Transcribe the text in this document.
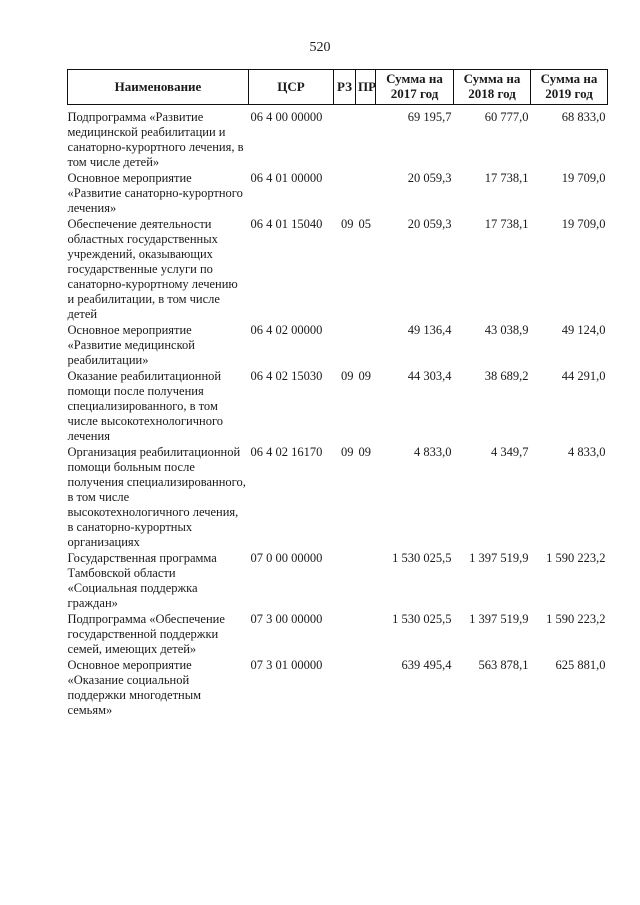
520
Наименование	ЦСР	РЗ	ПР	Сумма на 2017 год	Сумма на 2018 год	Сумма на 2019 год

Подпрограмма «Развитие медицинской реабилитации и санаторно-курортного лечения, в том числе детей»	06 4 00 00000			69 195,7	60 777,0	68 833,0
Основное мероприятие «Развитие санаторно-курортного лечения»	06 4 01 00000			20 059,3	17 738,1	19 709,0
Обеспечение деятельности областных государственных учреждений, оказывающих государственные услуги по санаторно-курортному лечению и реабилитации, в том числе детей	06 4 01 15040	09	05	20 059,3	17 738,1	19 709,0
Основное мероприятие «Развитие медицинской реабилитации»	06 4 02 00000			49 136,4	43 038,9	49 124,0
Оказание реабилитационной помощи после получения специализированного, в том числе высокотехнологичного лечения	06 4 02 15030	09	09	44 303,4	38 689,2	44 291,0
Организация реабилитационной помощи больным после получения специализированного, в том числе высокотехнологичного лечения, в санаторно-курортных организациях	06 4 02 16170	09	09	4 833,0	4 349,7	4 833,0
Государственная программа Тамбовской области «Социальная поддержка граждан»	07 0 00 00000			1 530 025,5	1 397 519,9	1 590 223,2
Подпрограмма «Обеспечение государственной поддержки семей, имеющих детей»	07 3 00 00000			1 530 025,5	1 397 519,9	1 590 223,2
Основное мероприятие «Оказание социальной поддержки многодетным семьям»	07 3 01 00000			639 495,4	563 878,1	625 881,0
